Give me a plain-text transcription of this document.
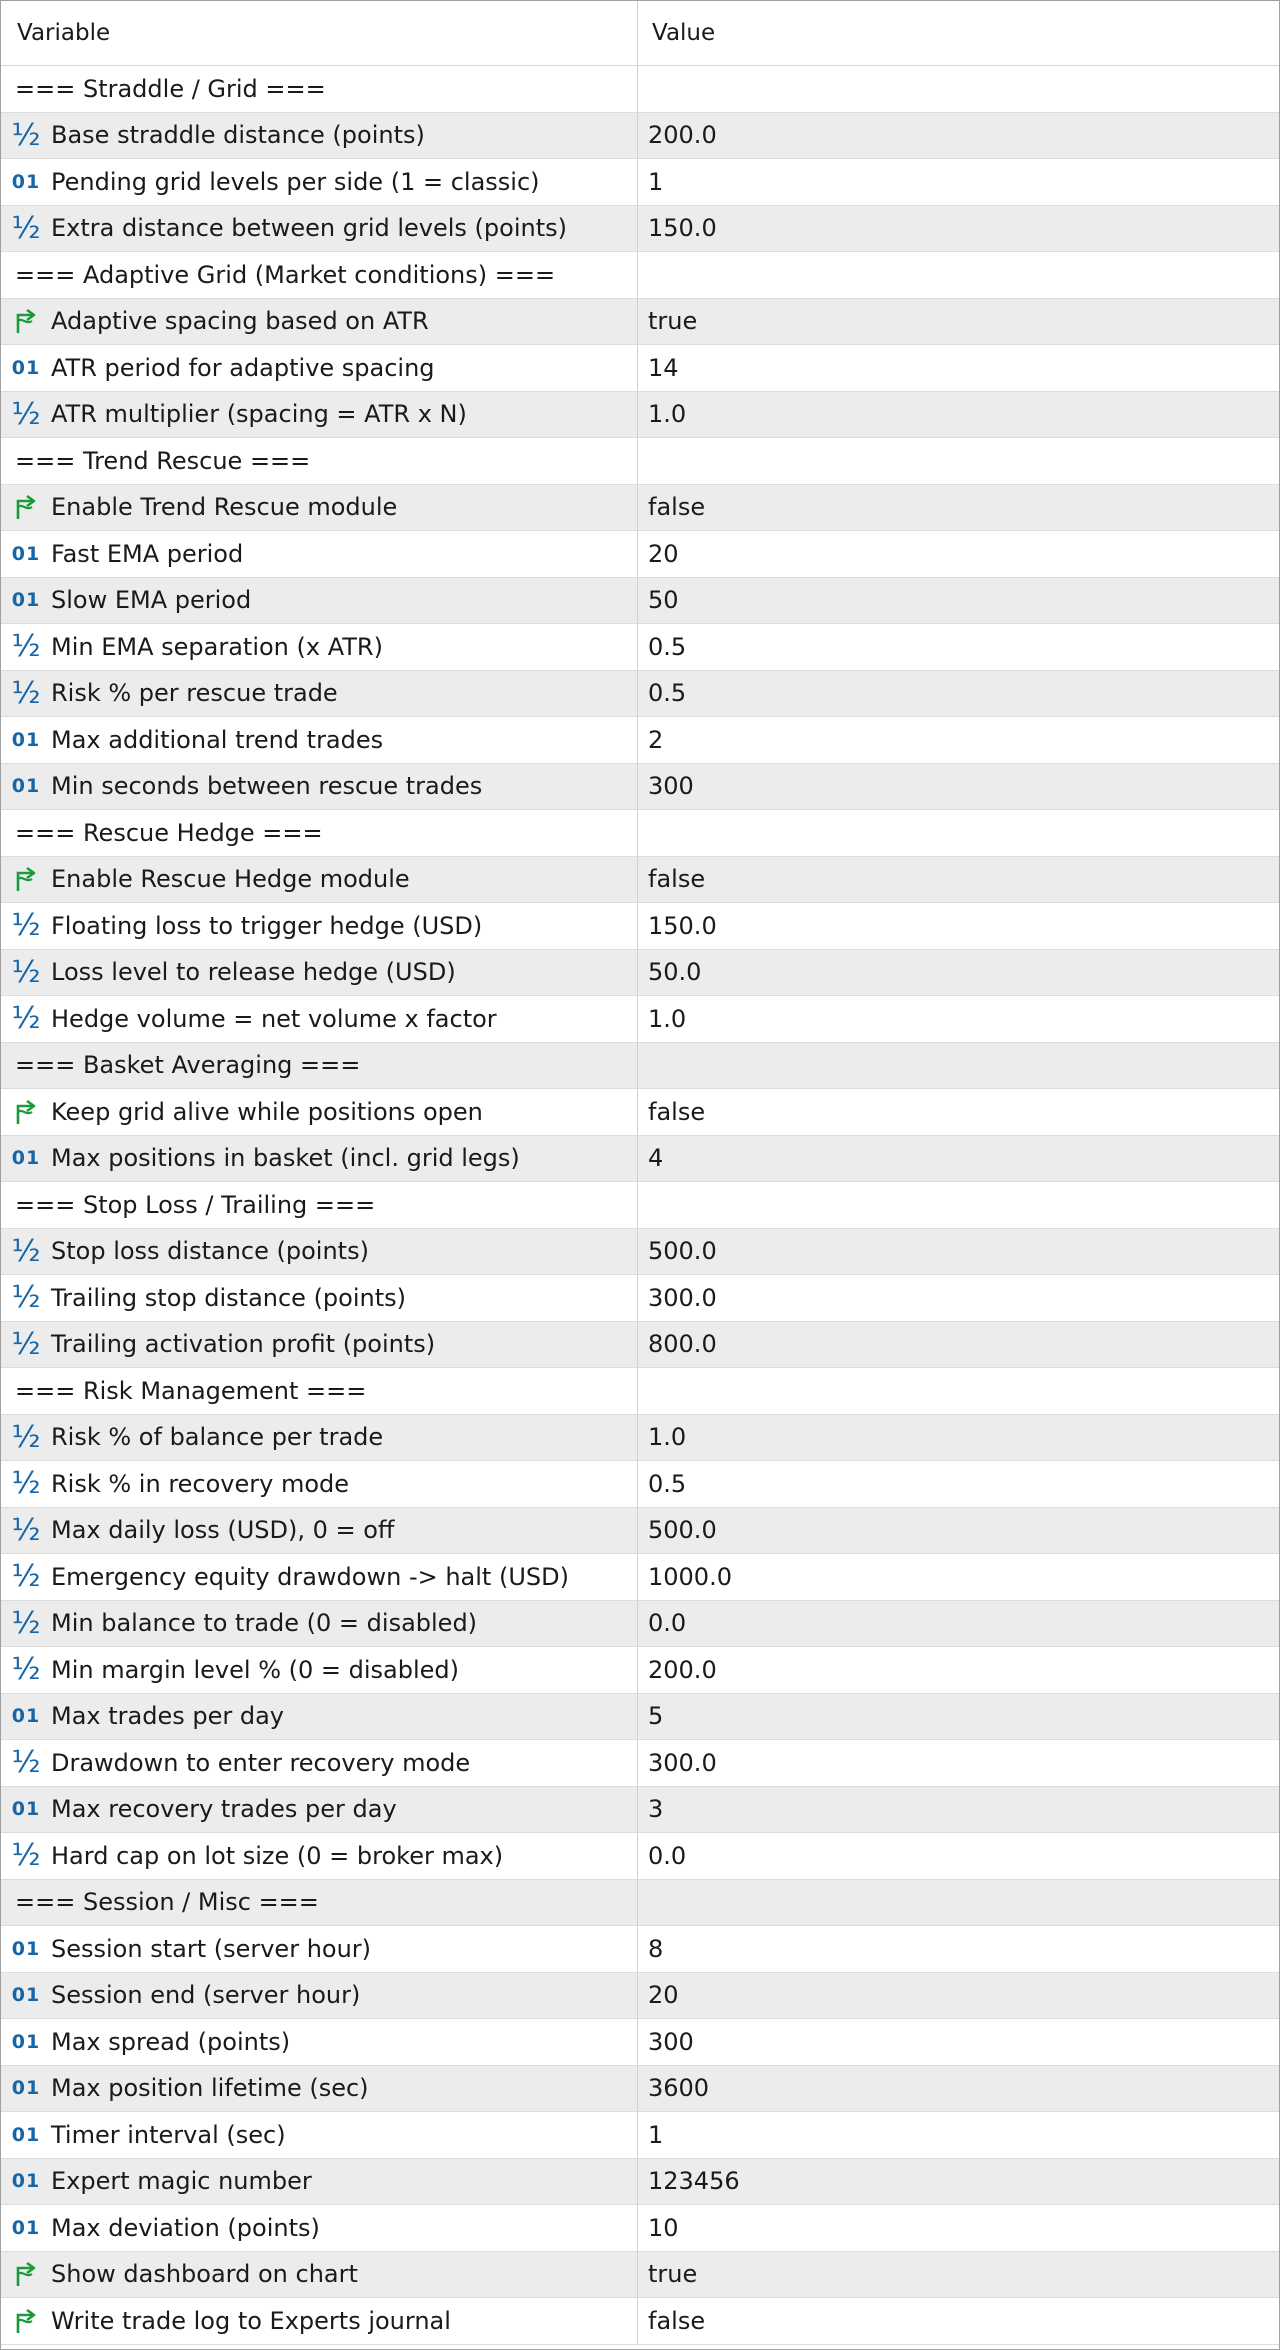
Variable	Value
=== Straddle / Grid ===
½ Base straddle distance (points)	200.0
01 Pending grid levels per side (1 = classic)	1
½ Extra distance between grid levels (points)	150.0
=== Adaptive Grid (Market conditions) ===
Adaptive spacing based on ATR	true
01 ATR period for adaptive spacing	14
½ ATR multiplier (spacing = ATR x N)	1.0
=== Trend Rescue ===
Enable Trend Rescue module	false
01 Fast EMA period	20
01 Slow EMA period	50
½ Min EMA separation (x ATR)	0.5
½ Risk % per rescue trade	0.5
01 Max additional trend trades	2
01 Min seconds between rescue trades	300
=== Rescue Hedge ===
Enable Rescue Hedge module	false
½ Floating loss to trigger hedge (USD)	150.0
½ Loss level to release hedge (USD)	50.0
½ Hedge volume = net volume x factor	1.0
=== Basket Averaging ===
Keep grid alive while positions open	false
01 Max positions in basket (incl. grid legs)	4
=== Stop Loss / Trailing ===
½ Stop loss distance (points)	500.0
½ Trailing stop distance (points)	300.0
½ Trailing activation profit (points)	800.0
=== Risk Management ===
½ Risk % of balance per trade	1.0
½ Risk % in recovery mode	0.5
½ Max daily loss (USD), 0 = off	500.0
½ Emergency equity drawdown -> halt (USD)	1000.0
½ Min balance to trade (0 = disabled)	0.0
½ Min margin level % (0 = disabled)	200.0
01 Max trades per day	5
½ Drawdown to enter recovery mode	300.0
01 Max recovery trades per day	3
½ Hard cap on lot size (0 = broker max)	0.0
=== Session / Misc ===
01 Session start (server hour)	8
01 Session end (server hour)	20
01 Max spread (points)	300
01 Max position lifetime (sec)	3600
01 Timer interval (sec)	1
01 Expert magic number	123456
01 Max deviation (points)	10
Show dashboard on chart	true
Write trade log to Experts journal	false
